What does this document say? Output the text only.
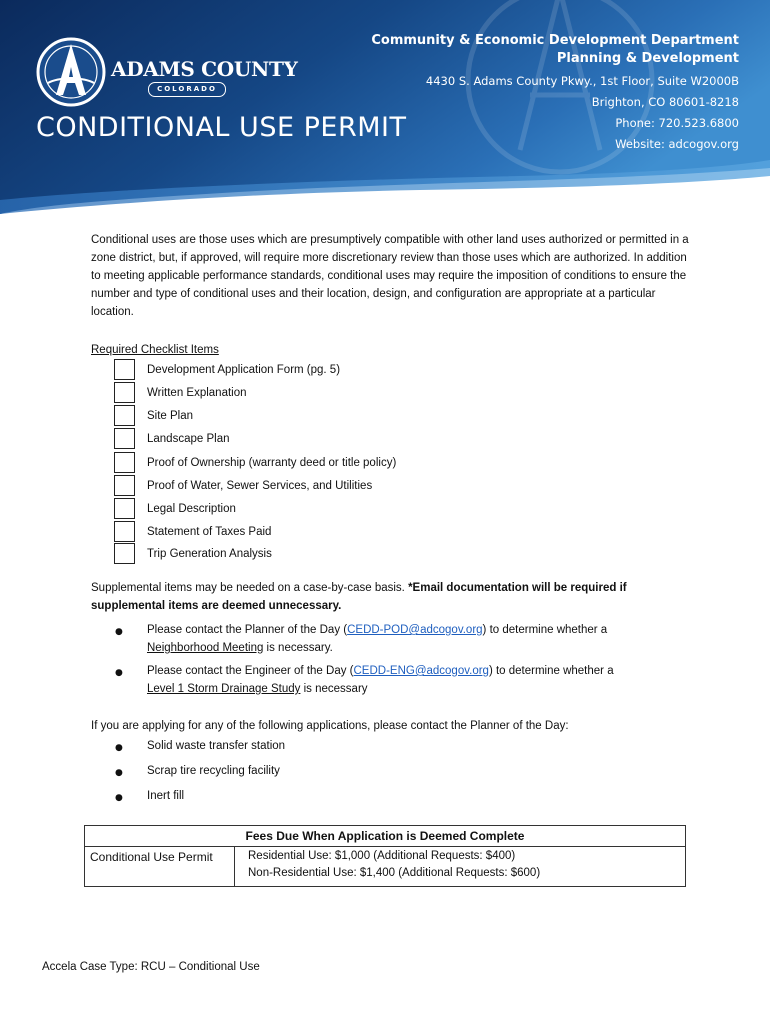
ADAMS COUNTY
COLORADO
CONDITIONAL USE PERMIT
Community & Economic Development Department
Planning & Development
4430 S. Adams County Pkwy., 1st Floor, Suite W2000B
Brighton, CO 80601-8218
Phone: 720.523.6800
Website: adcogov.org
Conditional uses are those uses which are presumptively compatible with other land uses authorized or permitted in a zone district, but, if approved, will require more discretionary review than those uses which are authorized. In addition to meeting applicable performance standards, conditional uses may require the imposition of conditions to ensure the number and type of conditional uses and their location, design, and configuration are appropriate at a particular location.
Required Checklist Items
Development Application Form (pg. 5)
Written Explanation
Site Plan
Landscape Plan
Proof of Ownership (warranty deed or title policy)
Proof of Water, Sewer Services, and Utilities
Legal Description
Statement of Taxes Paid
Trip Generation Analysis
Supplemental items may be needed on a case-by-case basis. *Email documentation will be required if supplemental items are deemed unnecessary.
● Please contact the Planner of the Day (CEDD-POD@adcogov.org) to determine whether a
Neighborhood Meeting is necessary.
● Please contact the Engineer of the Day (CEDD-ENG@adcogov.org) to determine whether a
Level 1 Storm Drainage Study is necessary
If you are applying for any of the following applications, please contact the Planner of the Day:
● Solid waste transfer station
● Scrap tire recycling facility
● Inert fill
Fees Due When Application is Deemed Complete
Conditional Use Permit	Residential Use: $1,000 (Additional Requests: $400)
Non-Residential Use: $1,400 (Additional Requests: $600)
Accela Case Type: RCU – Conditional Use
